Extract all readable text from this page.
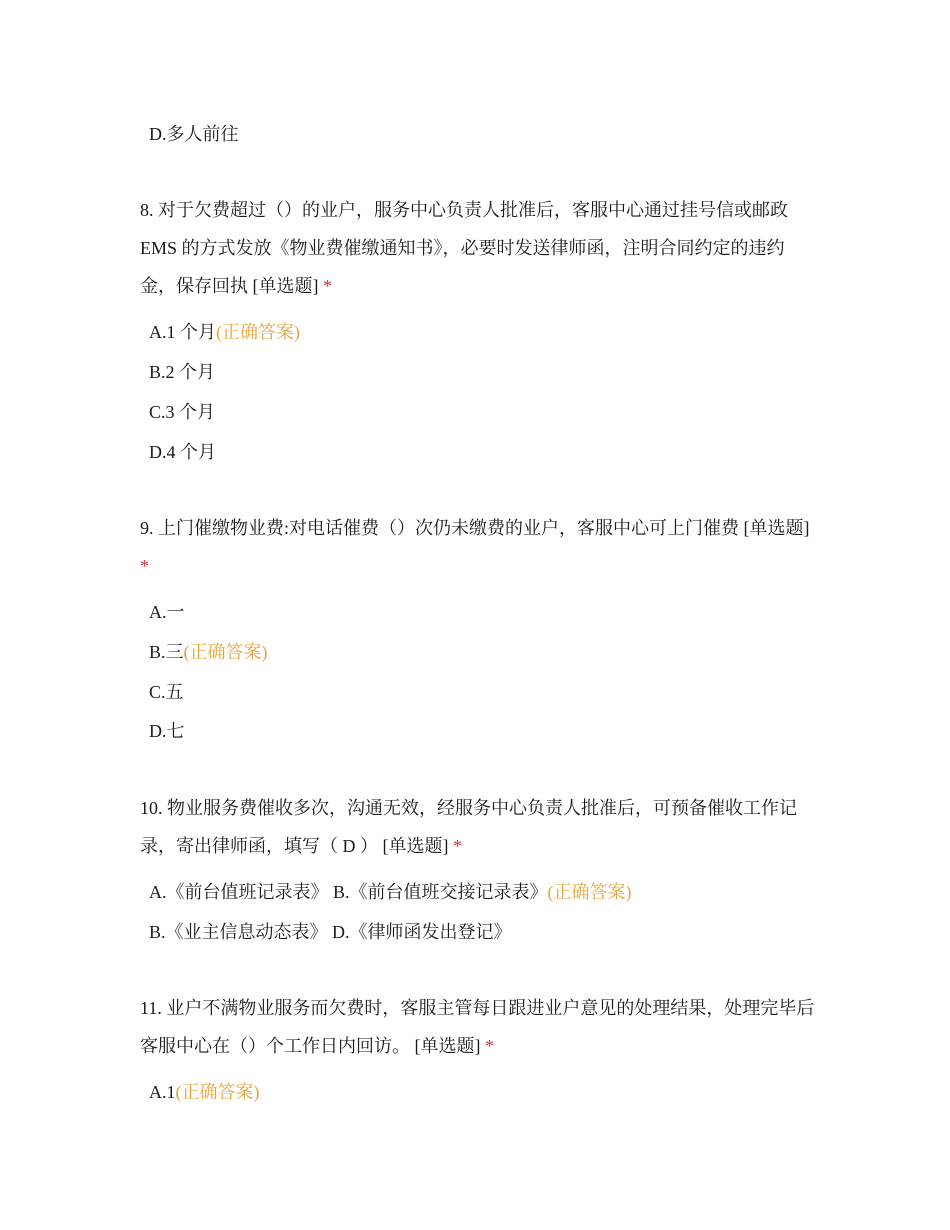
D.多人前往
8. 对于欠费超过（）的业户，服务中心负责人批准后，客服中心通过挂号信或邮政EMS 的方式发放《物业费催缴通知书》，必要时发送律师函，注明合同约定的违约金，保存回执 [单选题] *
A.1 个月(正确答案)
B.2 个月
C.3 个月
D.4 个月
9. 上门催缴物业费:对电话催费（）次仍未缴费的业户，客服中心可上门催费 [单选题] *
A.一
B.三(正确答案)
C.五
D.七
10. 物业服务费催收多次，沟通无效，经服务中心负责人批准后，可预备催收工作记录，寄出律师函，填写（ D ） [单选题] *
A.《前台值班记录表》 B.《前台值班交接记录表》(正确答案)
B.《业主信息动态表》 D.《律师函发出登记》
11. 业户不满物业服务而欠费时，客服主管每日跟进业户意见的处理结果，处理完毕后客服中心在（）个工作日内回访。 [单选题] *
A.1(正确答案)
